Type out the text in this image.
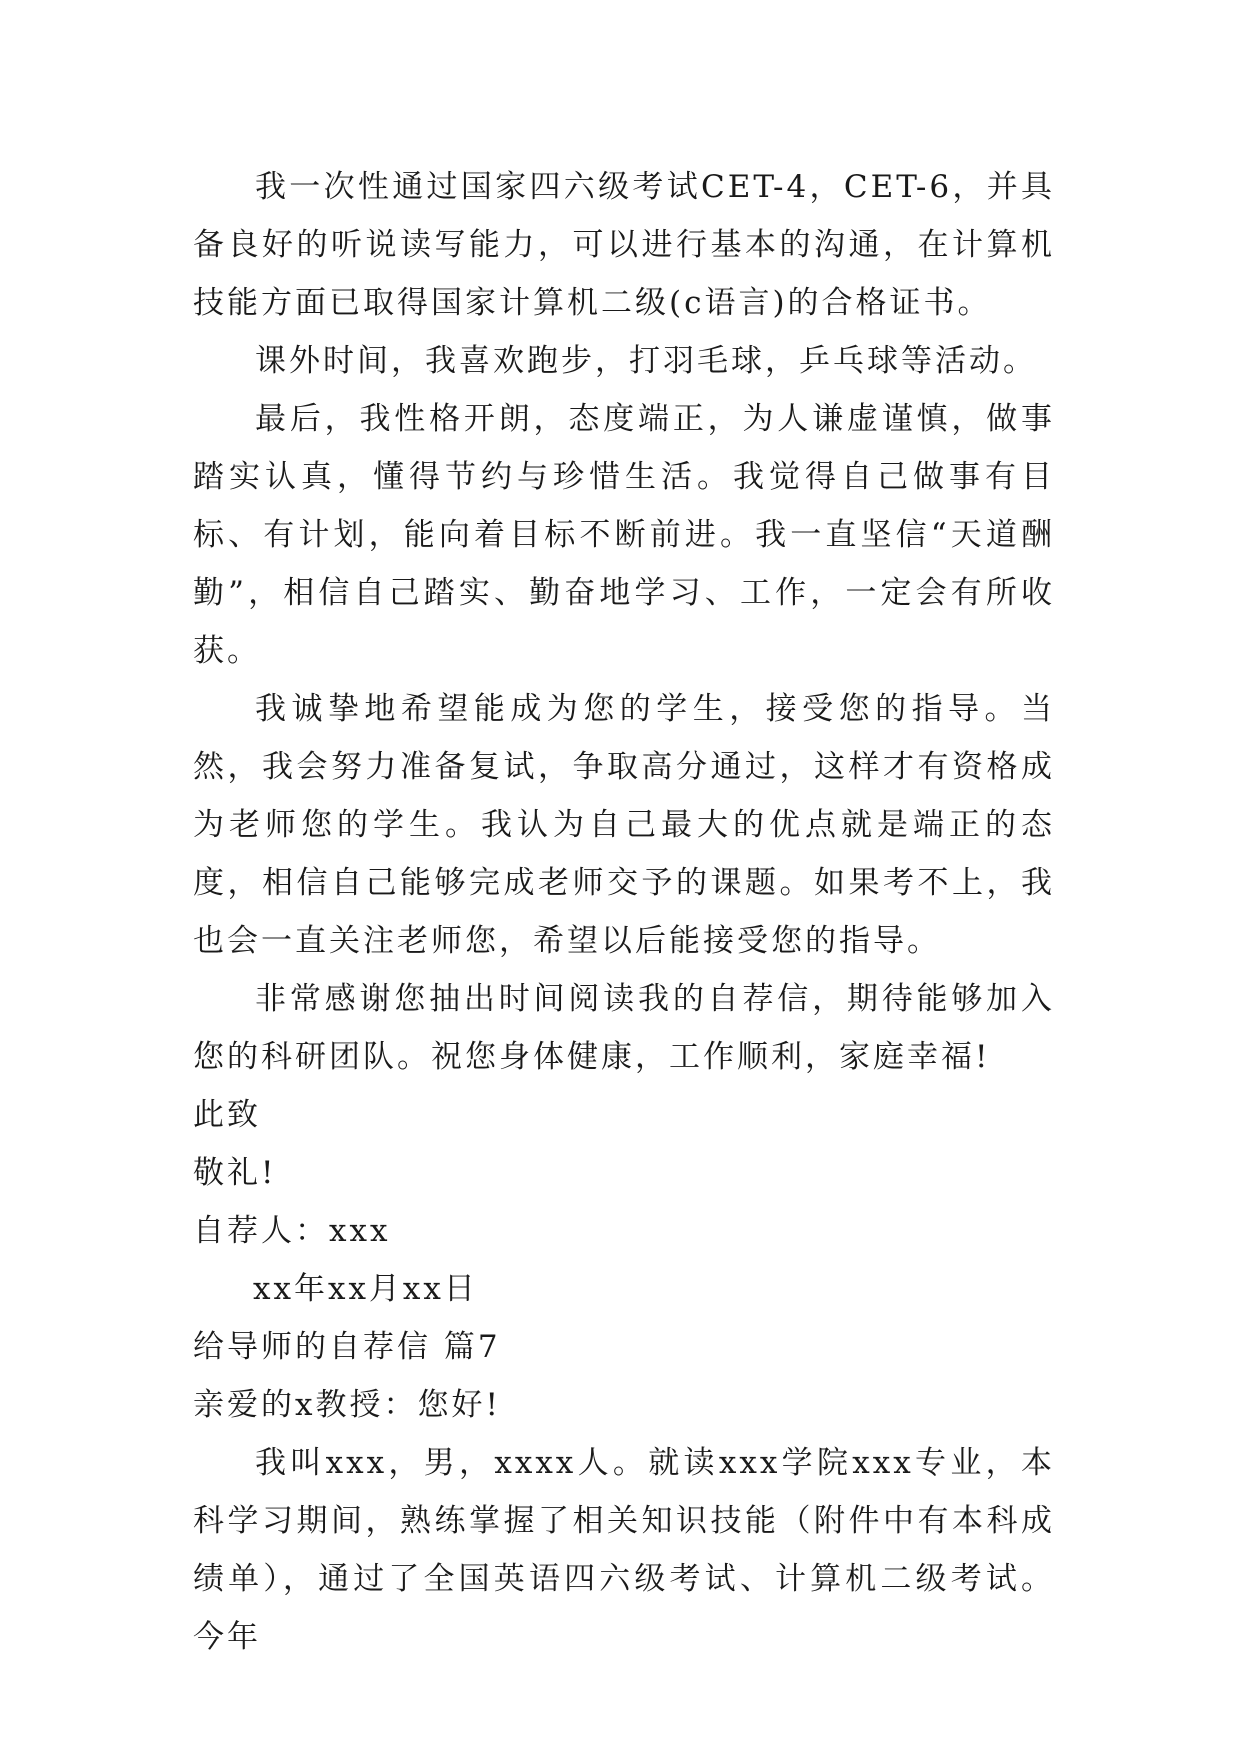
我一次性通过国家四六级考试CET-4，CET-6，并具备良好的听说读写能力，可以进行基本的沟通，在计算机技能方面已取得国家计算机二级(c语言)的合格证书。

课外时间，我喜欢跑步，打羽毛球，乒乓球等活动。

最后，我性格开朗，态度端正，为人谦虚谨慎，做事踏实认真，懂得节约与珍惜生活。我觉得自己做事有目标、有计划，能向着目标不断前进。我一直坚信“天道酬勤”，相信自己踏实、勤奋地学习、工作，一定会有所收获。

我诚挚地希望能成为您的学生，接受您的指导。当然，我会努力准备复试，争取高分通过，这样才有资格成为老师您的学生。我认为自己最大的优点就是端正的态度，相信自己能够完成老师交予的课题。如果考不上，我也会一直关注老师您，希望以后能接受您的指导。

非常感谢您抽出时间阅读我的自荐信，期待能够加入您的科研团队。祝您身体健康，工作顺利，家庭幸福!

此致

敬礼!

自荐人：xxx

xx年xx月xx日

给导师的自荐信 篇7

亲爱的x教授：您好!

我叫xxx，男，xxxx人。就读xxx学院xxx专业，本科学习期间，熟练掌握了相关知识技能（附件中有本科成绩单），通过了全国英语四六级考试、计算机二级考试。今年
